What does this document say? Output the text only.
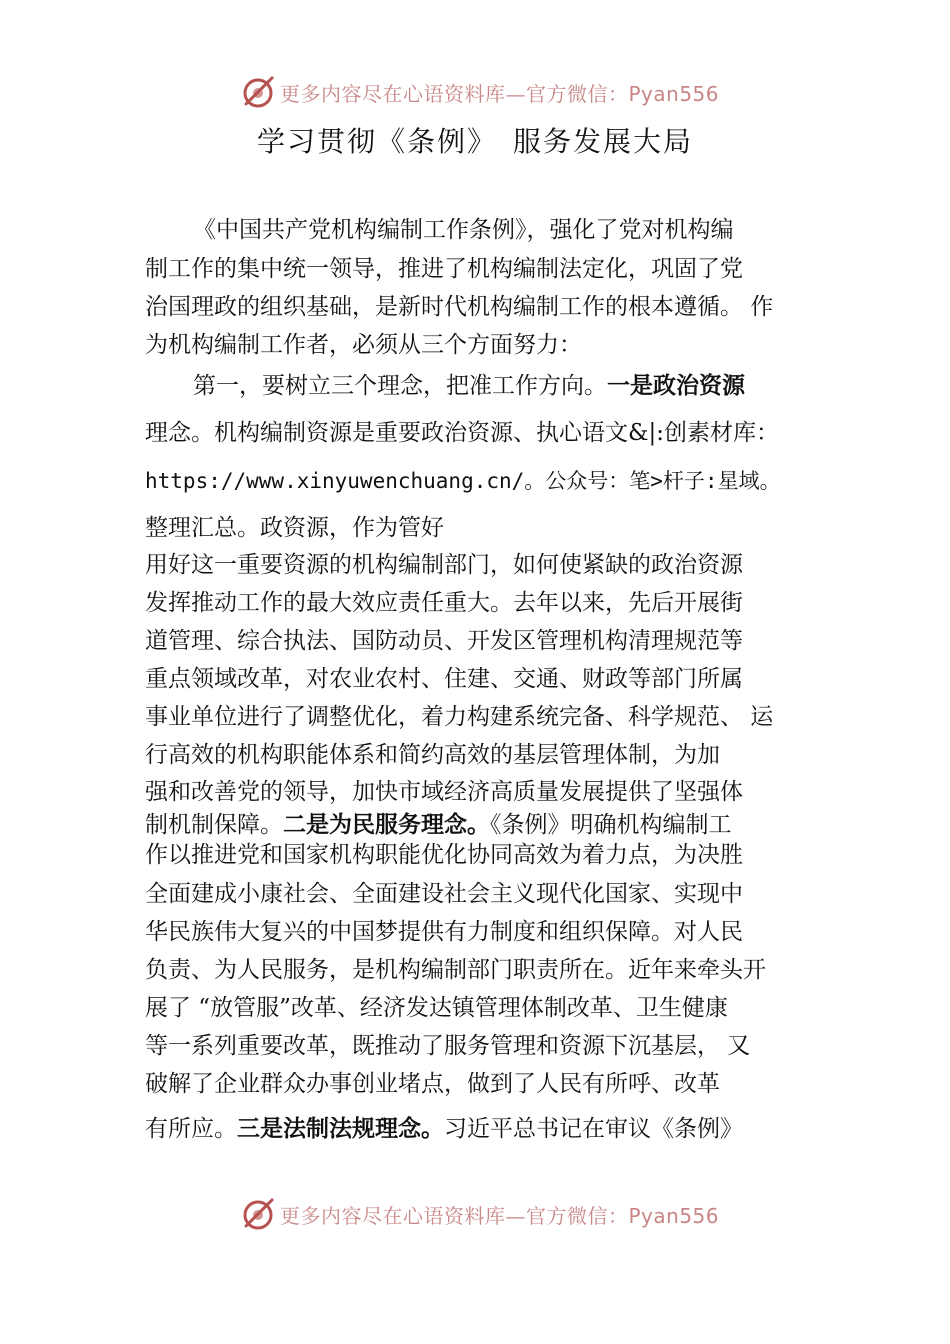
更多内容尽在心语资料库—官方微信：Pyan556
学习贯彻《条例》　服务发展大局
《中国共产党机构编制工作条例》，强化了党对机构编
制工作的集中统一领导，推进了机构编制法定化，巩固了党
治国理政的组织基础，是新时代机构编制工作的根本遵循。 作
为机构编制工作者，必须从三个方面努力：
第一，要树立三个理念，把准工作方向。一是政治资源
理念。机构编制资源是重要政治资源、执心语文&|:创素材库：
https://www.xinyuwenchuang.cn/。公众号：笔>杆子:星域。
整理汇总。政资源，作为管好
用好这一重要资源的机构编制部门，如何使紧缺的政治资源
发挥推动工作的最大效应责任重大。去年以来，先后开展街
道管理、综合执法、国防动员、开发区管理机构清理规范等
重点领域改革，对农业农村、住建、交通、财政等部门所属
事业单位进行了调整优化，着力构建系统完备、科学规范、 运
行高效的机构职能体系和简约高效的基层管理体制，为加
强和改善党的领导，加快市域经济高质量发展提供了坚强体
制机制保障。二是为民服务理念。《条例》明确机构编制工
作以推进党和国家机构职能优化协同高效为着力点，为决胜
全面建成小康社会、全面建设社会主义现代化国家、实现中
华民族伟大复兴的中国梦提供有力制度和组织保障。对人民
负责、为人民服务，是机构编制部门职责所在。近年来牵头开
展了 “放管服”改革、经济发达镇管理体制改革、卫生健康
等一系列重要改革，既推动了服务管理和资源下沉基层， 又
破解了企业群众办事创业堵点，做到了人民有所呼、改革
有所应。三是法制法规理念。习近平总书记在审议《条例》
更多内容尽在心语资料库—官方微信：Pyan556
